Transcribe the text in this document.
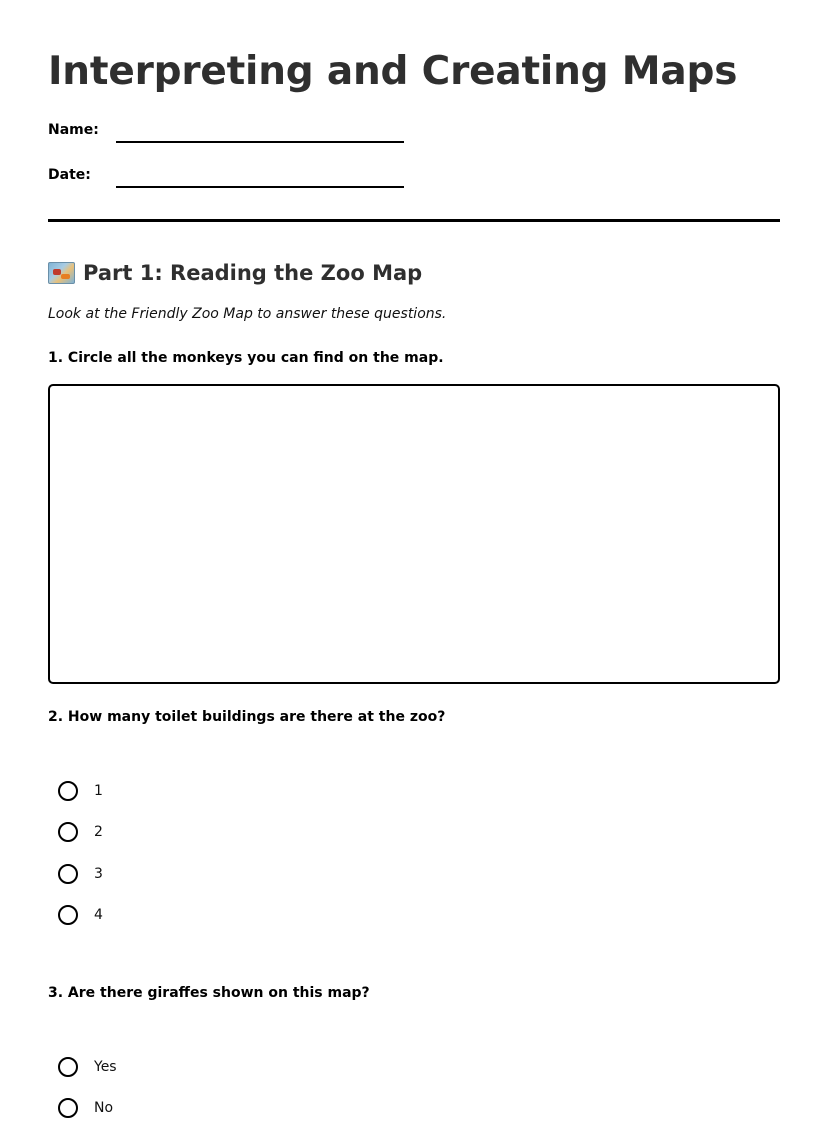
Interpreting and Creating Maps
Name:
Date:
Part 1: Reading the Zoo Map
Look at the Friendly Zoo Map to answer these questions.
1. Circle all the monkeys you can find on the map.
2. How many toilet buildings are there at the zoo?
1
2
3
4
3. Are there giraffes shown on this map?
Yes
No
